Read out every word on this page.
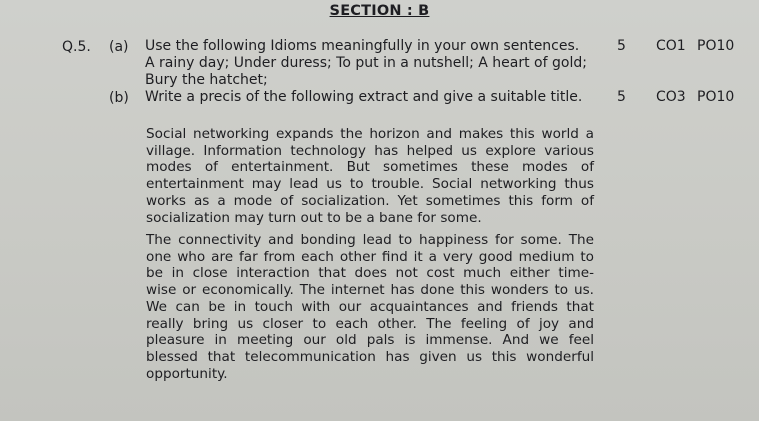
SECTION : B
Q.5. (a) Use the following Idioms meaningfully in your own sentences.
A rainy day; Under duress; To put in a nutshell; A heart of gold;
Bury the hatchet;
5 CO1 PO10
(b) Write a precis of the following extract and give a suitable title. 5 CO3 PO10
Social networking expands the horizon and makes this world a
village. Information technology has helped us explore various
modes of entertainment. But sometimes these modes of
entertainment may lead us to trouble. Social networking thus
works as a mode of socialization. Yet sometimes this form of
socialization may turn out to be a bane for some.
The connectivity and bonding lead to happiness for some. The
one who are far from each other find it a very good medium to
be in close interaction that does not cost much either time-
wise or economically. The internet has done this wonders to us.
We can be in touch with our acquaintances and friends that
really bring us closer to each other. The feeling of joy and
pleasure in meeting our old pals is immense. And we feel
blessed that telecommunication has given us this wonderful
opportunity.
